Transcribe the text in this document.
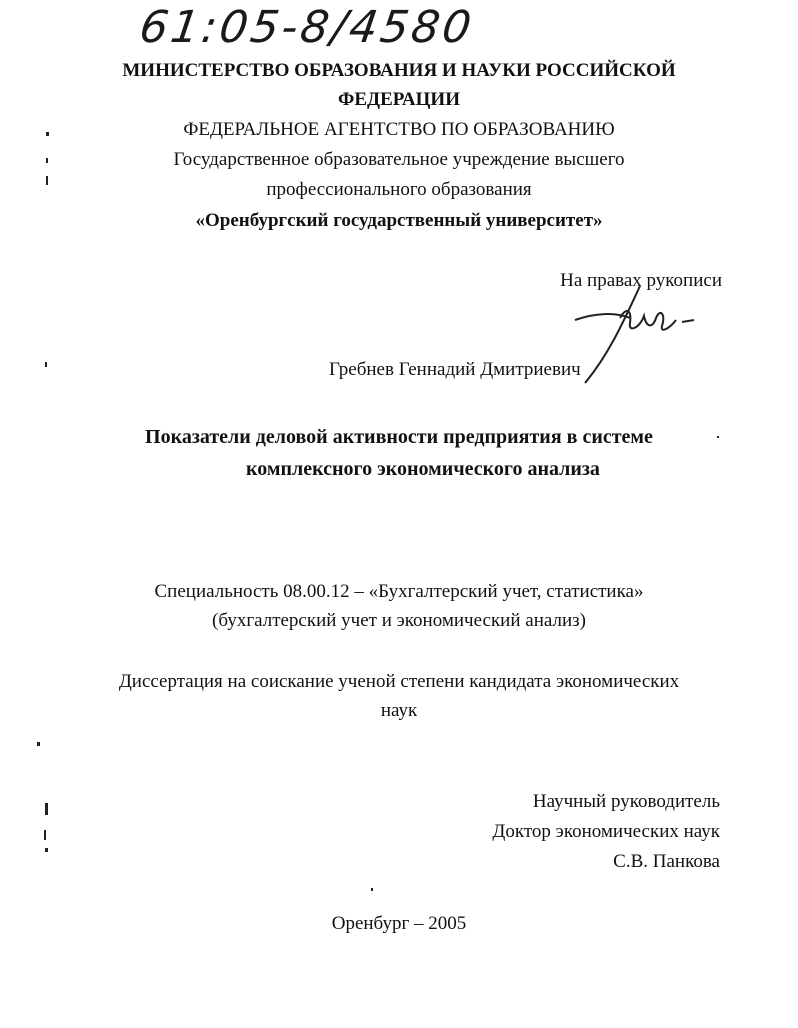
61:05-8/4580
МИНИСТЕРСТВО ОБРАЗОВАНИЯ И НАУКИ РОССИЙСКОЙ
ФЕДЕРАЦИИ
ФЕДЕРАЛЬНОЕ АГЕНТСТВО ПО ОБРАЗОВАНИЮ
Государственное образовательное учреждение высшего
профессионального образования
«Оренбургский государственный университет»
На правах рукописи
Гребнев Геннадий Дмитриевич
Показатели деловой активности предприятия в системе
комплексного экономического анализа
Специальность 08.00.12 – «Бухгалтерский учет, статистика»
(бухгалтерский учет и экономический анализ)
Диссертация на соискание ученой степени кандидата экономических
наук
Научный руководитель
Доктор экономических наук
С.В. Панкова
Оренбург – 2005
